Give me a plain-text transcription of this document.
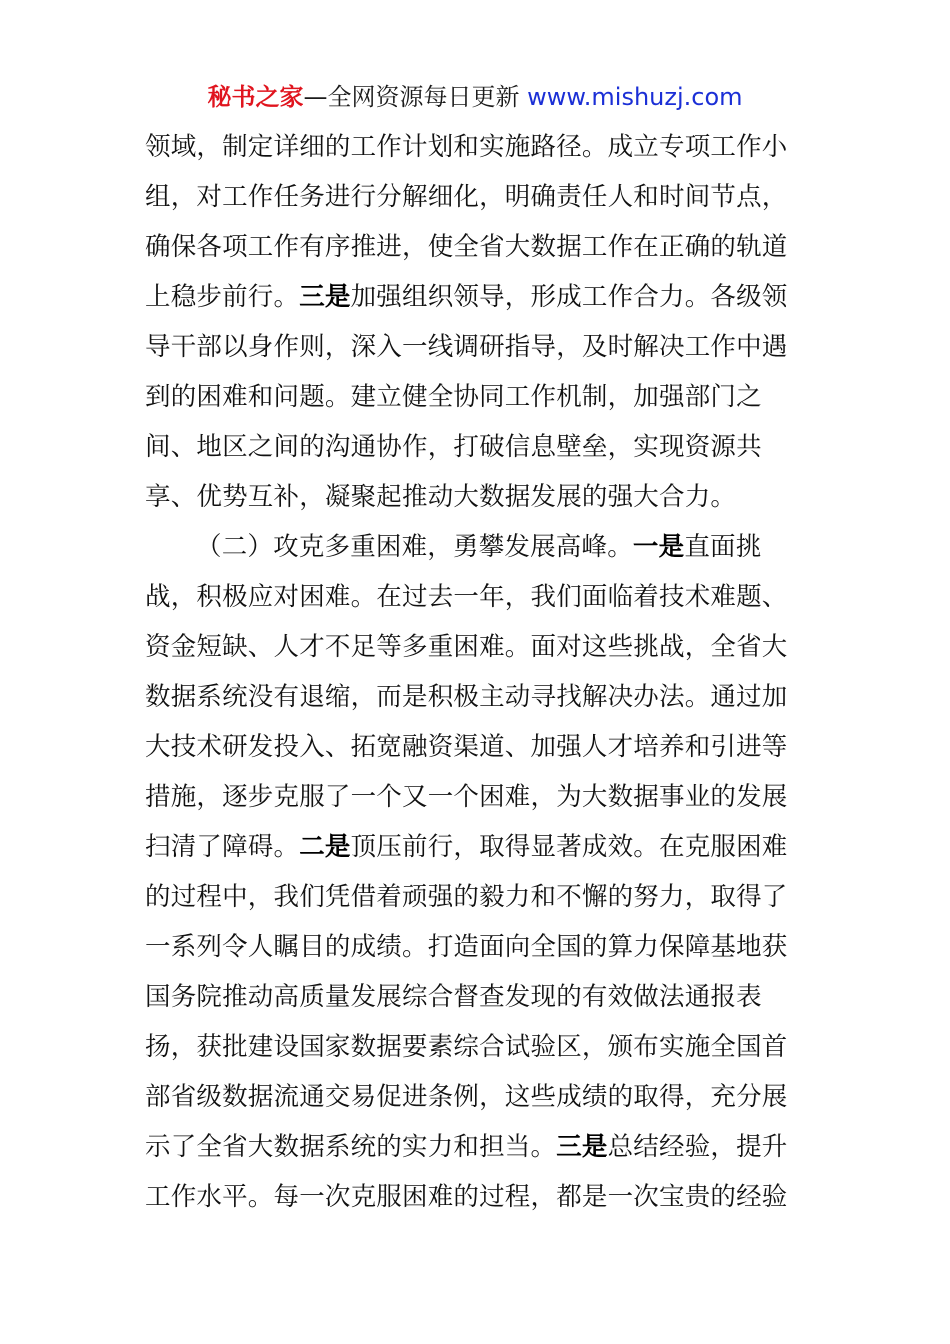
秘书之家—全网资源每日更新 www.mishuzj.com
领域，制定详细的工作计划和实施路径。成立专项工作小
组，对工作任务进行分解细化，明确责任人和时间节点，
确保各项工作有序推进，使全省大数据工作在正确的轨道
上稳步前行。三是加强组织领导，形成工作合力。各级领
导干部以身作则，深入一线调研指导，及时解决工作中遇
到的困难和问题。建立健全协同工作机制，加强部门之
间、地区之间的沟通协作，打破信息壁垒，实现资源共
享、优势互补，凝聚起推动大数据发展的强大合力。
（二）攻克多重困难，勇攀发展高峰。一是直面挑
战，积极应对困难。在过去一年，我们面临着技术难题、
资金短缺、人才不足等多重困难。面对这些挑战，全省大
数据系统没有退缩，而是积极主动寻找解决办法。通过加
大技术研发投入、拓宽融资渠道、加强人才培养和引进等
措施，逐步克服了一个又一个困难，为大数据事业的发展
扫清了障碍。二是顶压前行，取得显著成效。在克服困难
的过程中，我们凭借着顽强的毅力和不懈的努力，取得了
一系列令人瞩目的成绩。打造面向全国的算力保障基地获
国务院推动高质量发展综合督查发现的有效做法通报表
扬，获批建设国家数据要素综合试验区，颁布实施全国首
部省级数据流通交易促进条例，这些成绩的取得，充分展
示了全省大数据系统的实力和担当。三是总结经验，提升
工作水平。每一次克服困难的过程，都是一次宝贵的经验
